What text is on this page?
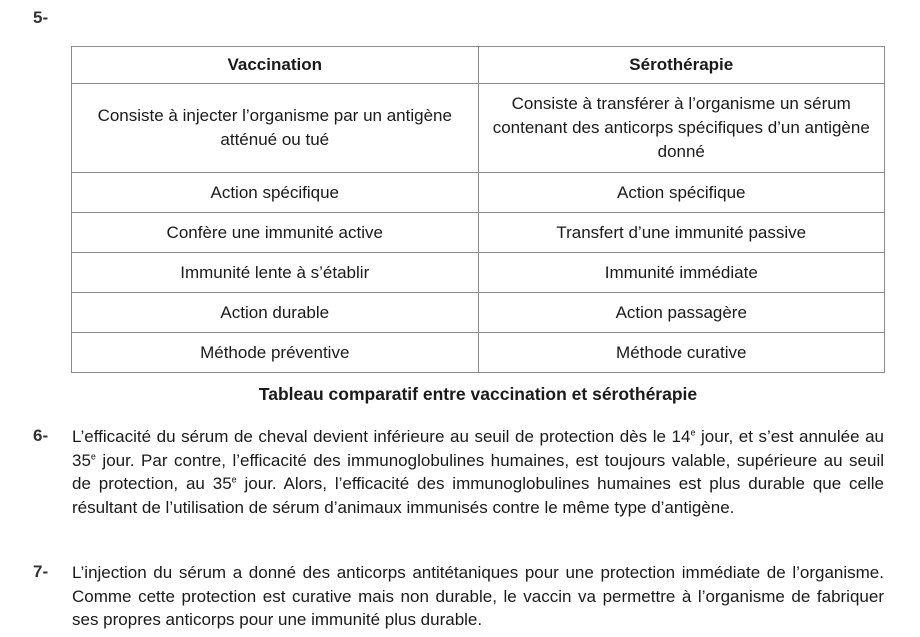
5-
Vaccination	Sérothérapie
Consiste à injecter l’organisme par un antigène atténué ou tué	Consiste à transférer à l’organisme un sérum contenant des anticorps spécifiques d’un antigène donné
Action spécifique	Action spécifique
Confère une immunité active	Transfert d’une immunité passive
Immunité lente à s’établir	Immunité immédiate
Action durable	Action passagère
Méthode préventive	Méthode curative
Tableau comparatif entre vaccination et sérothérapie
6- L’efficacité du sérum de cheval devient inférieure au seuil de protection dès le 14e jour, et s’est annulée au 35e jour. Par contre, l’efficacité des immunoglobulines humaines, est toujours valable, supérieure au seuil de protection, au 35e jour. Alors, l’efficacité des immunoglobulines humaines est plus durable que celle résultant de l’utilisation de sérum d’animaux immunisés contre le même type d’antigène.

7- L’injection du sérum a donné des anticorps antitétaniques pour une protection immédiate de l’organisme. Comme cette protection est curative mais non durable, le vaccin va permettre à l’organisme de fabriquer ses propres anticorps pour une immunité plus durable.
